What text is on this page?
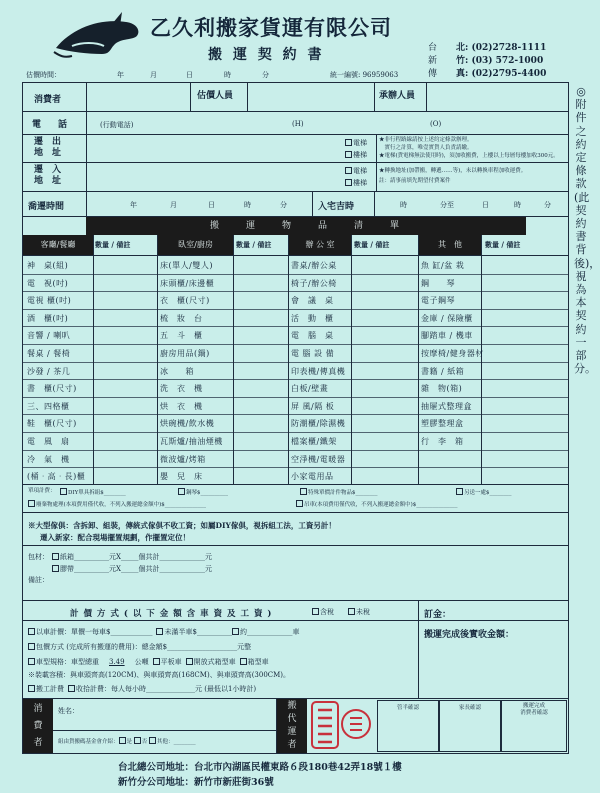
乙久利搬家貨運有限公司
搬 運 契 約 書	台
新
傳
北: (02)2728-1111
竹: (03) 572-1000
真: (02)2795-4400
估價時間：	年	月	日	時	分	統一編號: 96959063
◎附件之約定條款(此契約書背後)，視為本契約一部分。
消費者	估價人員	承辦人員
電　話	(行動電話)	(H)	(O)
遷　出
地　址
電梯
樓梯
★非行程路線請按上述約定條款辦理。
　實行之計算，唯壹實貨人負責請繳。
★電梯(貨電梯無法使用時)，須加收搬費，上樓以上每層每樓加收300元。
遷　入
地　址
電梯
樓梯
★轉換地址(加帶搬，轉遞……等)，未以轉換車程加收運費。
註：請事前填先期望付費案件
喬遷時間	年	月	日	時	分	入宅吉時	時	分至	日	時	分
搬　　運　　物　　品　　清　　單
客廳/餐廳	數量 / 備註	臥室/廚房	數量 / 備註	辦 公 室	數量 / 備註	其　他	數量 / 備註
神　桌(組)	床(單人/雙人)	書桌/辦公桌	魚 缸/盆 栽
電　視(吋)	床頭櫃/床邊櫃	椅子/辦公椅	鋼　　琴
電視 櫃(吋)	衣　櫃(尺寸)	會　議　桌	電子鋼琴
酒　櫃(吋)	梳　妝　台	活　動　櫃	金庫 / 保險櫃
音響 / 喇叭	五　斗　櫃	電　腦　桌	腳踏車 / 機車
餐桌 / 餐椅	廚房用品(鍋)	電 腦 設 備	按摩椅/健身器材
沙發 / 茶几	冰　　箱	印表機/傳真機	書籍 / 紙箱
書　櫃(尺寸)	洗　衣　機	白板/壁畫	雜　物(箱)
三、四格櫃	烘　衣　機	屏 風/隔 板	抽屜式整理盒
鞋　櫃(尺寸)	烘碗機/飲水機	防潮櫃/除濕機	塑膠整理盒
電　風　扇	瓦斯爐/抽油煙機	檔案櫃/鐵架	行　李　箱
冷　氣　機	微波爐/烤箱	空淨機/電暖器
(桶‧高‧長)櫃	嬰　兒　床	小家電用品
單項計費：	DIY單具拆組$________	鋼琴$__________	特殊單價計件物品$________	另送一處$________
廢棄物處理(本項費用僅代收，不列入搬運總金額中)$_______________	吊車(本項費用僅代收，不列入搬運總金額中)$_______________
※大型傢俱：含拆卸、組裝，傳統式傢俱不收工資；如屬DIY傢俱，視拆組工法，工資另計！
遷入新家：配合現場擺置規劃，作擺置定位！
包材：	紙箱__________元X_____個共計_____________元
膠帶__________元X_____個共計_____________元
備註：
計 價 方 式 ( 以 下 金 額 含 車 資 及 工 資 )	含稅	未稅	訂金：
以車計價：單價一每車$____________ 未滿半車$__________ 約_____________車	搬運完成後實收金額：
包價方式 (完成所有搬運的費用)：總金額$____________________元整
車型規格：車型總重 3.49 公噸 平板車 開放式箱型車 箱型車
※裝載容積：與車頭齊高(120CM)、與車頭齊高(168CM)、與車頭齊高(300CM)。
搬工計費 收拾計費：每人每小時______________元 (最低以1小時計)
消
費
者
姓名：
組由貨搬碼基金會介紹： 是 否 其他：________
搬
代
運
者
管半確認	家長確認	搬運完成
消費者確認
台北總公司地址：台北市內湖區民權東路６段180巷42弄18號１樓
新竹分公司地址：新竹市新莊街36號
